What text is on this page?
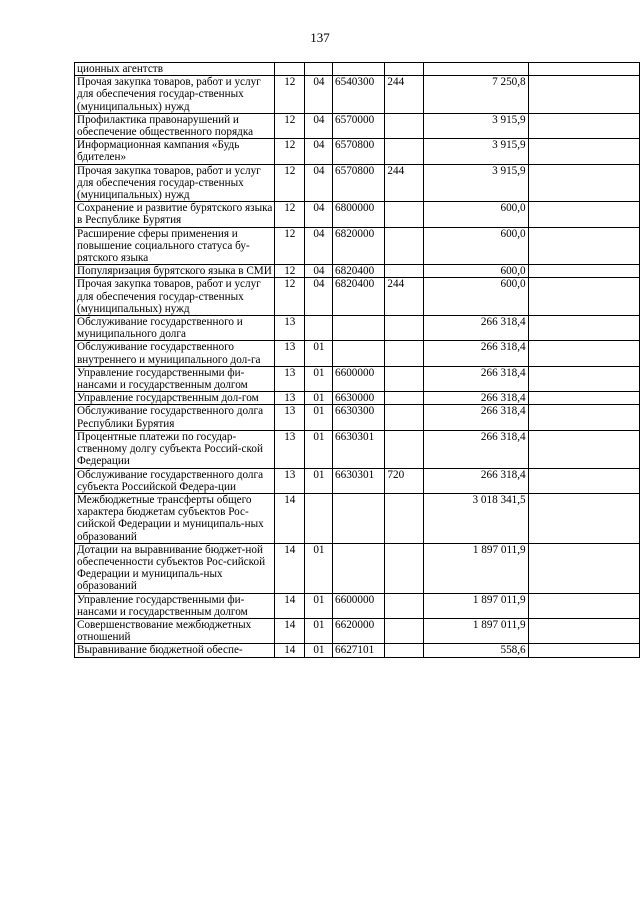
137
ционных агентств						
Прочая закупка товаров, работ и услуг для обеспечения государ-ственных (муниципальных) нужд	12	04	6540300	244	7 250,8	
Профилактика правонарушений и обеспечение общественного порядка	12	04	6570000		3 915,9	
Информационная кампания «Будь бдителен»	12	04	6570800		3 915,9	
Прочая закупка товаров, работ и услуг для обеспечения государ-ственных (муниципальных) нужд	12	04	6570800	244	3 915,9	
Сохранение и развитие бурятского языка в Республике Бурятия	12	04	6800000		600,0	
Расширение сферы применения и повышение социального статуса бу-рятского языка	12	04	6820000		600,0	
Популяризация бурятского языка в СМИ	12	04	6820400		600,0	
Прочая закупка товаров, работ и услуг для обеспечения государ-ственных (муниципальных) нужд	12	04	6820400	244	600,0	
Обслуживание государственного и муниципального долга	13				266 318,4	
Обслуживание государственного внутреннего и муниципального дол-га	13	01			266 318,4	
Управление государственными фи-нансами и государственным долгом	13	01	6600000		266 318,4	
Управление государственным дол-гом	13	01	6630000		266 318,4	
Обслуживание государственного долга Республики Бурятия	13	01	6630300		266 318,4	
Процентные платежи по государ-ственному долгу субъекта Россий-ской Федерации	13	01	6630301		266 318,4	
Обслуживание государственного долга субъекта Российской Федера-ции	13	01	6630301	720	266 318,4	
Межбюджетные трансферты общего характера бюджетам субъектов Рос-сийской Федерации и муниципаль-ных образований	14				3 018 341,5	
Дотации на выравнивание бюджет-ной обеспеченности субъектов Рос-сийской Федерации и муниципаль-ных образований	14	01			1 897 011,9	
Управление государственными фи-нансами и государственным долгом	14	01	6600000		1 897 011,9	
Совершенствование межбюджетных отношений	14	01	6620000		1 897 011,9	
Выравнивание бюджетной обеспе-	14	01	6627101		558,6	
